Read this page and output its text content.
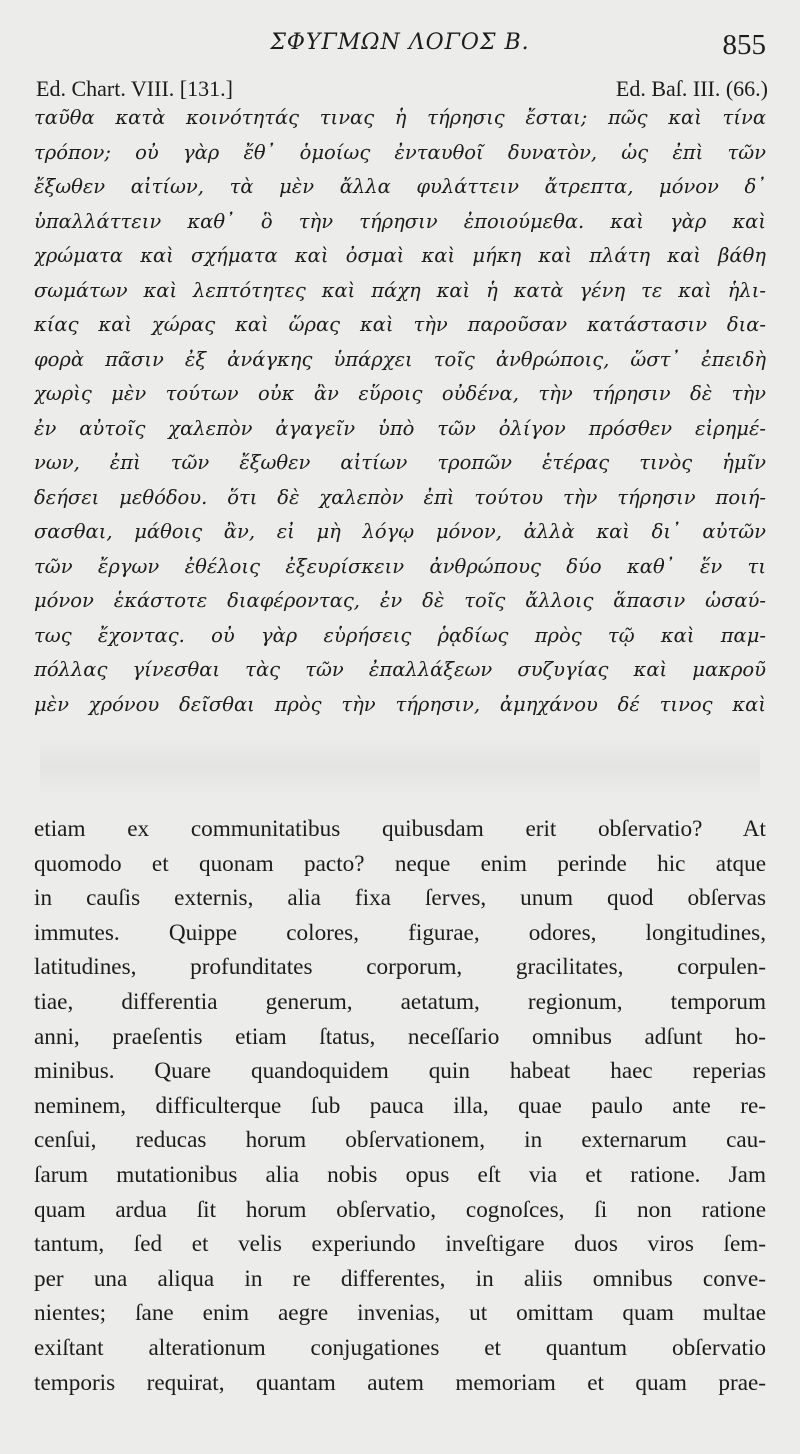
ΣΦΥΓΜΩΝ ΛΟΓΟΣ Β.	855
Ed. Chart. VIII. [131.]	Ed. Baſ. III. (66.)
ταῦθα κατὰ κοινότητάς τινας ἡ τήρησις ἔσται; πῶς καὶ τίνα
τρόπον; οὐ γὰρ ἔθ᾽ ὁμοίως ἐνταυθοῖ δυνατὸν, ὡς ἐπὶ τῶν
ἔξωθεν αἰτίων, τὰ μὲν ἄλλα φυλάττειν ἄτρεπτα, μόνον δ᾽
ὑπαλλάττειν καθ᾽ ὃ τὴν τήρησιν ἐποιούμεθα. καὶ γὰρ καὶ
χρώματα καὶ σχήματα καὶ ὀσμαὶ καὶ μήκη καὶ πλάτη καὶ βάθη
σωμάτων καὶ λεπτότητες καὶ πάχη καὶ ἡ κατὰ γένη τε καὶ ἡλι-
κίας καὶ χώρας καὶ ὥρας καὶ τὴν παροῦσαν κατάστασιν δια-
φορὰ πᾶσιν ἐξ ἀνάγκης ὑπάρχει τοῖς ἀνθρώποις, ὥστ᾽ ἐπειδὴ
χωρὶς μὲν τούτων οὐκ ἂν εὕροις οὐδένα, τὴν τήρησιν δὲ τὴν
ἐν αὐτοῖς χαλεπὸν ἀγαγεῖν ὑπὸ τῶν ὀλίγον πρόσθεν εἰρημέ-
νων, ἐπὶ τῶν ἔξωθεν αἰτίων τροπῶν ἑτέρας τινὸς ἡμῖν
δεήσει μεθόδου. ὅτι δὲ χαλεπὸν ἐπὶ τούτου τὴν τήρησιν ποιή-
σασθαι, μάθοις ἂν, εἰ μὴ λόγῳ μόνον, ἀλλὰ καὶ δι᾽ αὐτῶν
τῶν ἔργων ἐθέλοις ἐξευρίσκειν ἀνθρώπους δύο καθ᾽ ἕν τι
μόνον ἑκάστοτε διαφέροντας, ἐν δὲ τοῖς ἄλλοις ἅπασιν ὡσαύ-
τως ἔχοντας. οὐ γὰρ εὑρήσεις ῥᾳδίως πρὸς τῷ καὶ παμ-
πόλλας γίνεσθαι τὰς τῶν ἐπαλλάξεων συζυγίας καὶ μακροῦ
μὲν χρόνου δεῖσθαι πρὸς τὴν τήρησιν, ἀμηχάνου δέ τινος καὶ
etiam ex communitatibus quibusdam erit obſervatio? At
quomodo et quonam pacto? neque enim perinde hic atque
in cauſis externis, alia fixa ſerves, unum quod obſervas
immutes. Quippe colores, figurae, odores, longitudines,
latitudines, profunditates corporum, gracilitates, corpulen-
tiae, differentia generum, aetatum, regionum, temporum
anni, praeſentis etiam ſtatus, neceſſario omnibus adſunt ho-
minibus. Quare quandoquidem quin habeat haec reperias
neminem, difficulterque ſub pauca illa, quae paulo ante re-
cenſui, reducas horum obſervationem, in externarum cau-
ſarum mutationibus alia nobis opus eſt via et ratione. Jam
quam ardua ſit horum obſervatio, cognoſces, ſi non ratione
tantum, ſed et velis experiundo inveſtigare duos viros ſem-
per una aliqua in re differentes, in aliis omnibus conve-
nientes; ſane enim aegre invenias, ut omittam quam multae
exiſtant alterationum conjugationes et quantum obſervatio
temporis requirat, quantam autem memoriam et quam prae-
